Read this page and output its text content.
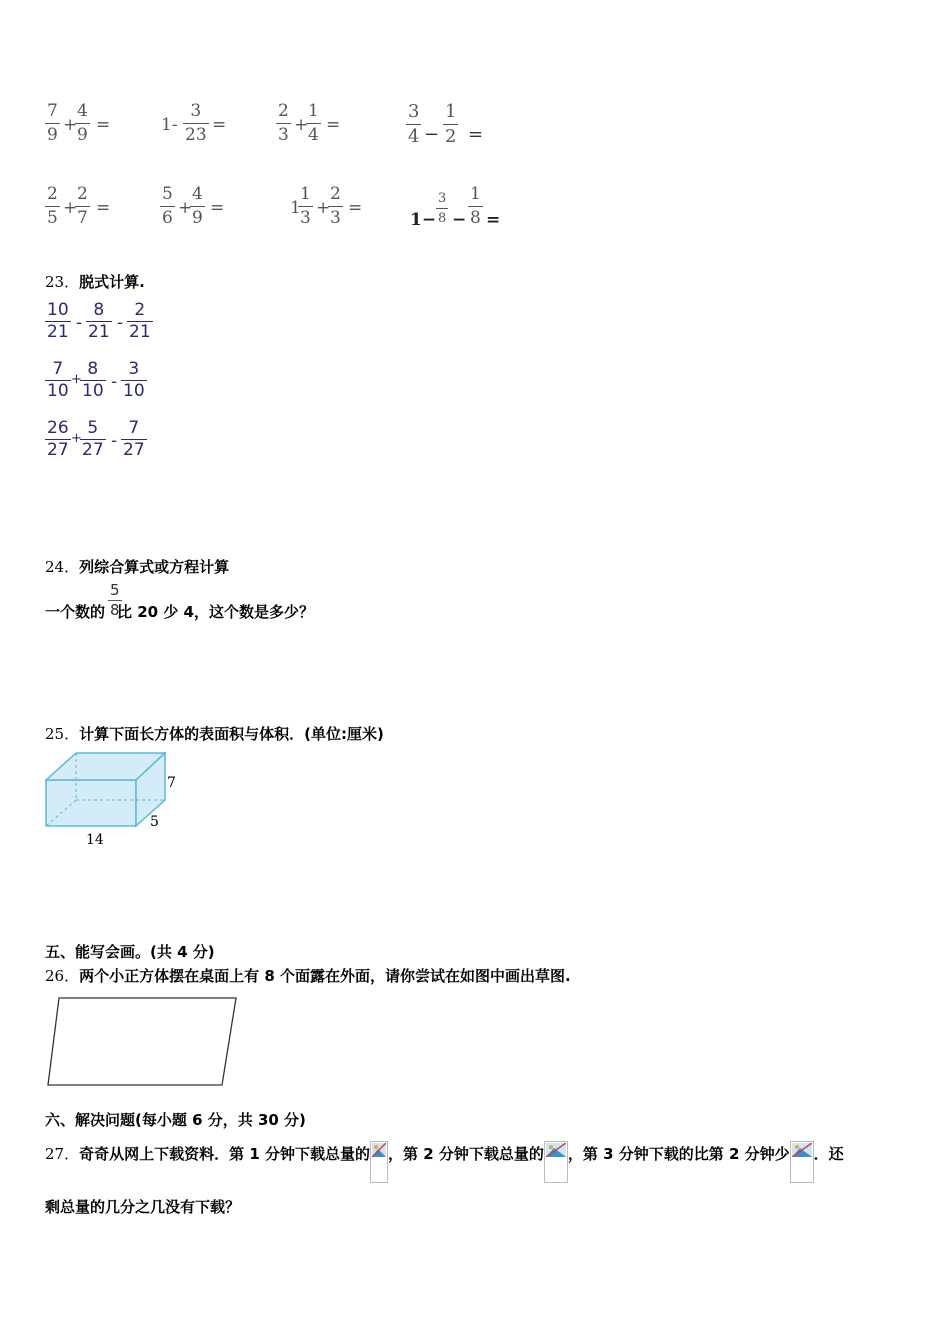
7
9 +
4
9 =	1-
3
23 =
2
3 +
1
4 =
3
4 −
1
2 =
2
5 +
2
7 =
5
6 +
4
9 =	1
1
3 +
2
3 =
1−
3
8 −
1
8 =
23．脱式计算.
10
21 -
8
21 -
2
21
7
10
+
8
10 -
3
10
26
27
+
5
27 -
7
27
24．列综合算式或方程计算
一个数的 比 20 少 4，这个数是多少？
5
8
25．计算下面长方体的表面积与体积．(单位:厘米)
7
5
14
五、能写会画。(共 4 分)
26．两个小正方体摆在桌面上有 8 个面露在外面，请你尝试在如图中画出草图.
六、解决问题(每小题 6 分，共 30 分)
27．奇奇从网上下载资料．第 1 分钟下载总量的 ，第 2 分钟下载总量的 ，第 3 分钟下载的比第 2 分钟少 ．还
剩总量的几分之几没有下载？
